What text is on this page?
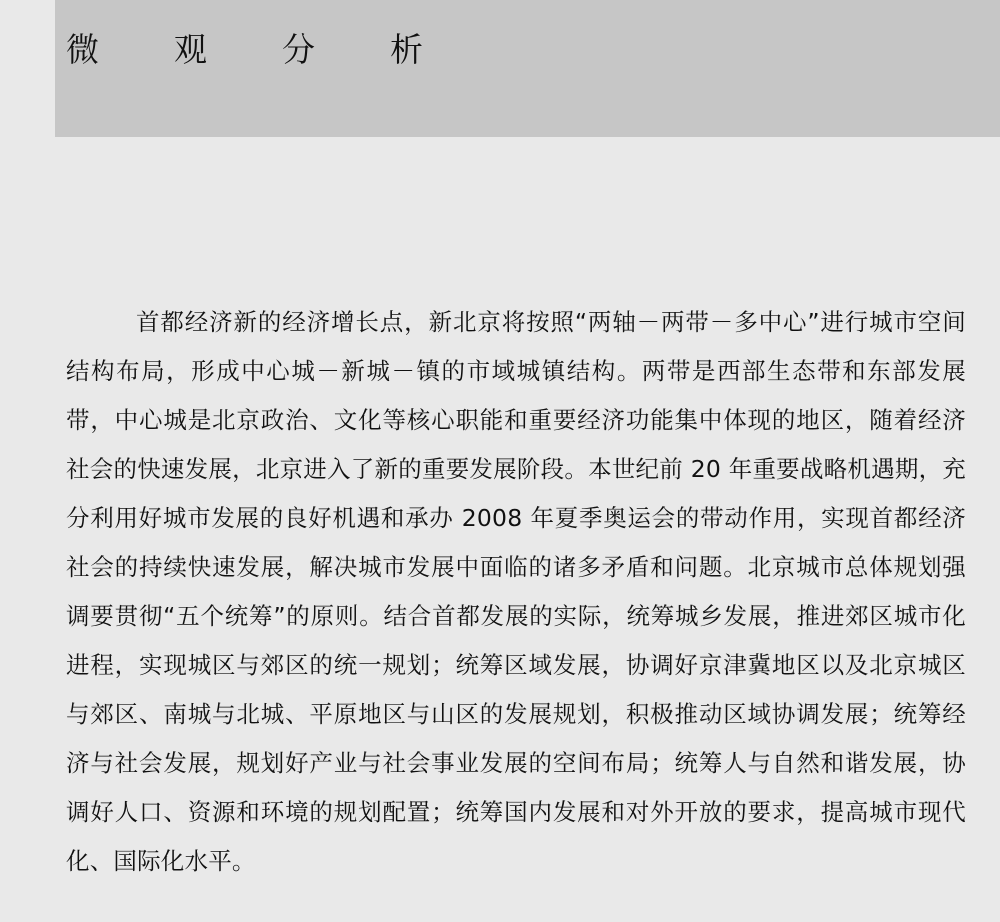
微	观	分	析

首都经济新的经济增长点，新北京将按照“两轴－两带－多中心”进行城市空间结构布局，形成中心城－新城－镇的市域城镇结构。两带是西部生态带和东部发展带，中心城是北京政治、文化等核心职能和重要经济功能集中体现的地区，随着经济社会的快速发展，北京进入了新的重要发展阶段。本世纪前 20 年重要战略机遇期，充分利用好城市发展的良好机遇和承办 2008 年夏季奥运会的带动作用，实现首都经济社会的持续快速发展，解决城市发展中面临的诸多矛盾和问题。北京城市总体规划强调要贯彻“五个统筹”的原则。结合首都发展的实际，统筹城乡发展，推进郊区城市化进程，实现城区与郊区的统一规划；统筹区域发展，协调好京津冀地区以及北京城区与郊区、南城与北城、平原地区与山区的发展规划，积极推动区域协调发展；统筹经济与社会发展，规划好产业与社会事业发展的空间布局；统筹人与自然和谐发展，协调好人口、资源和环境的规划配置；统筹国内发展和对外开放的要求，提高城市现代化、国际化水平。
